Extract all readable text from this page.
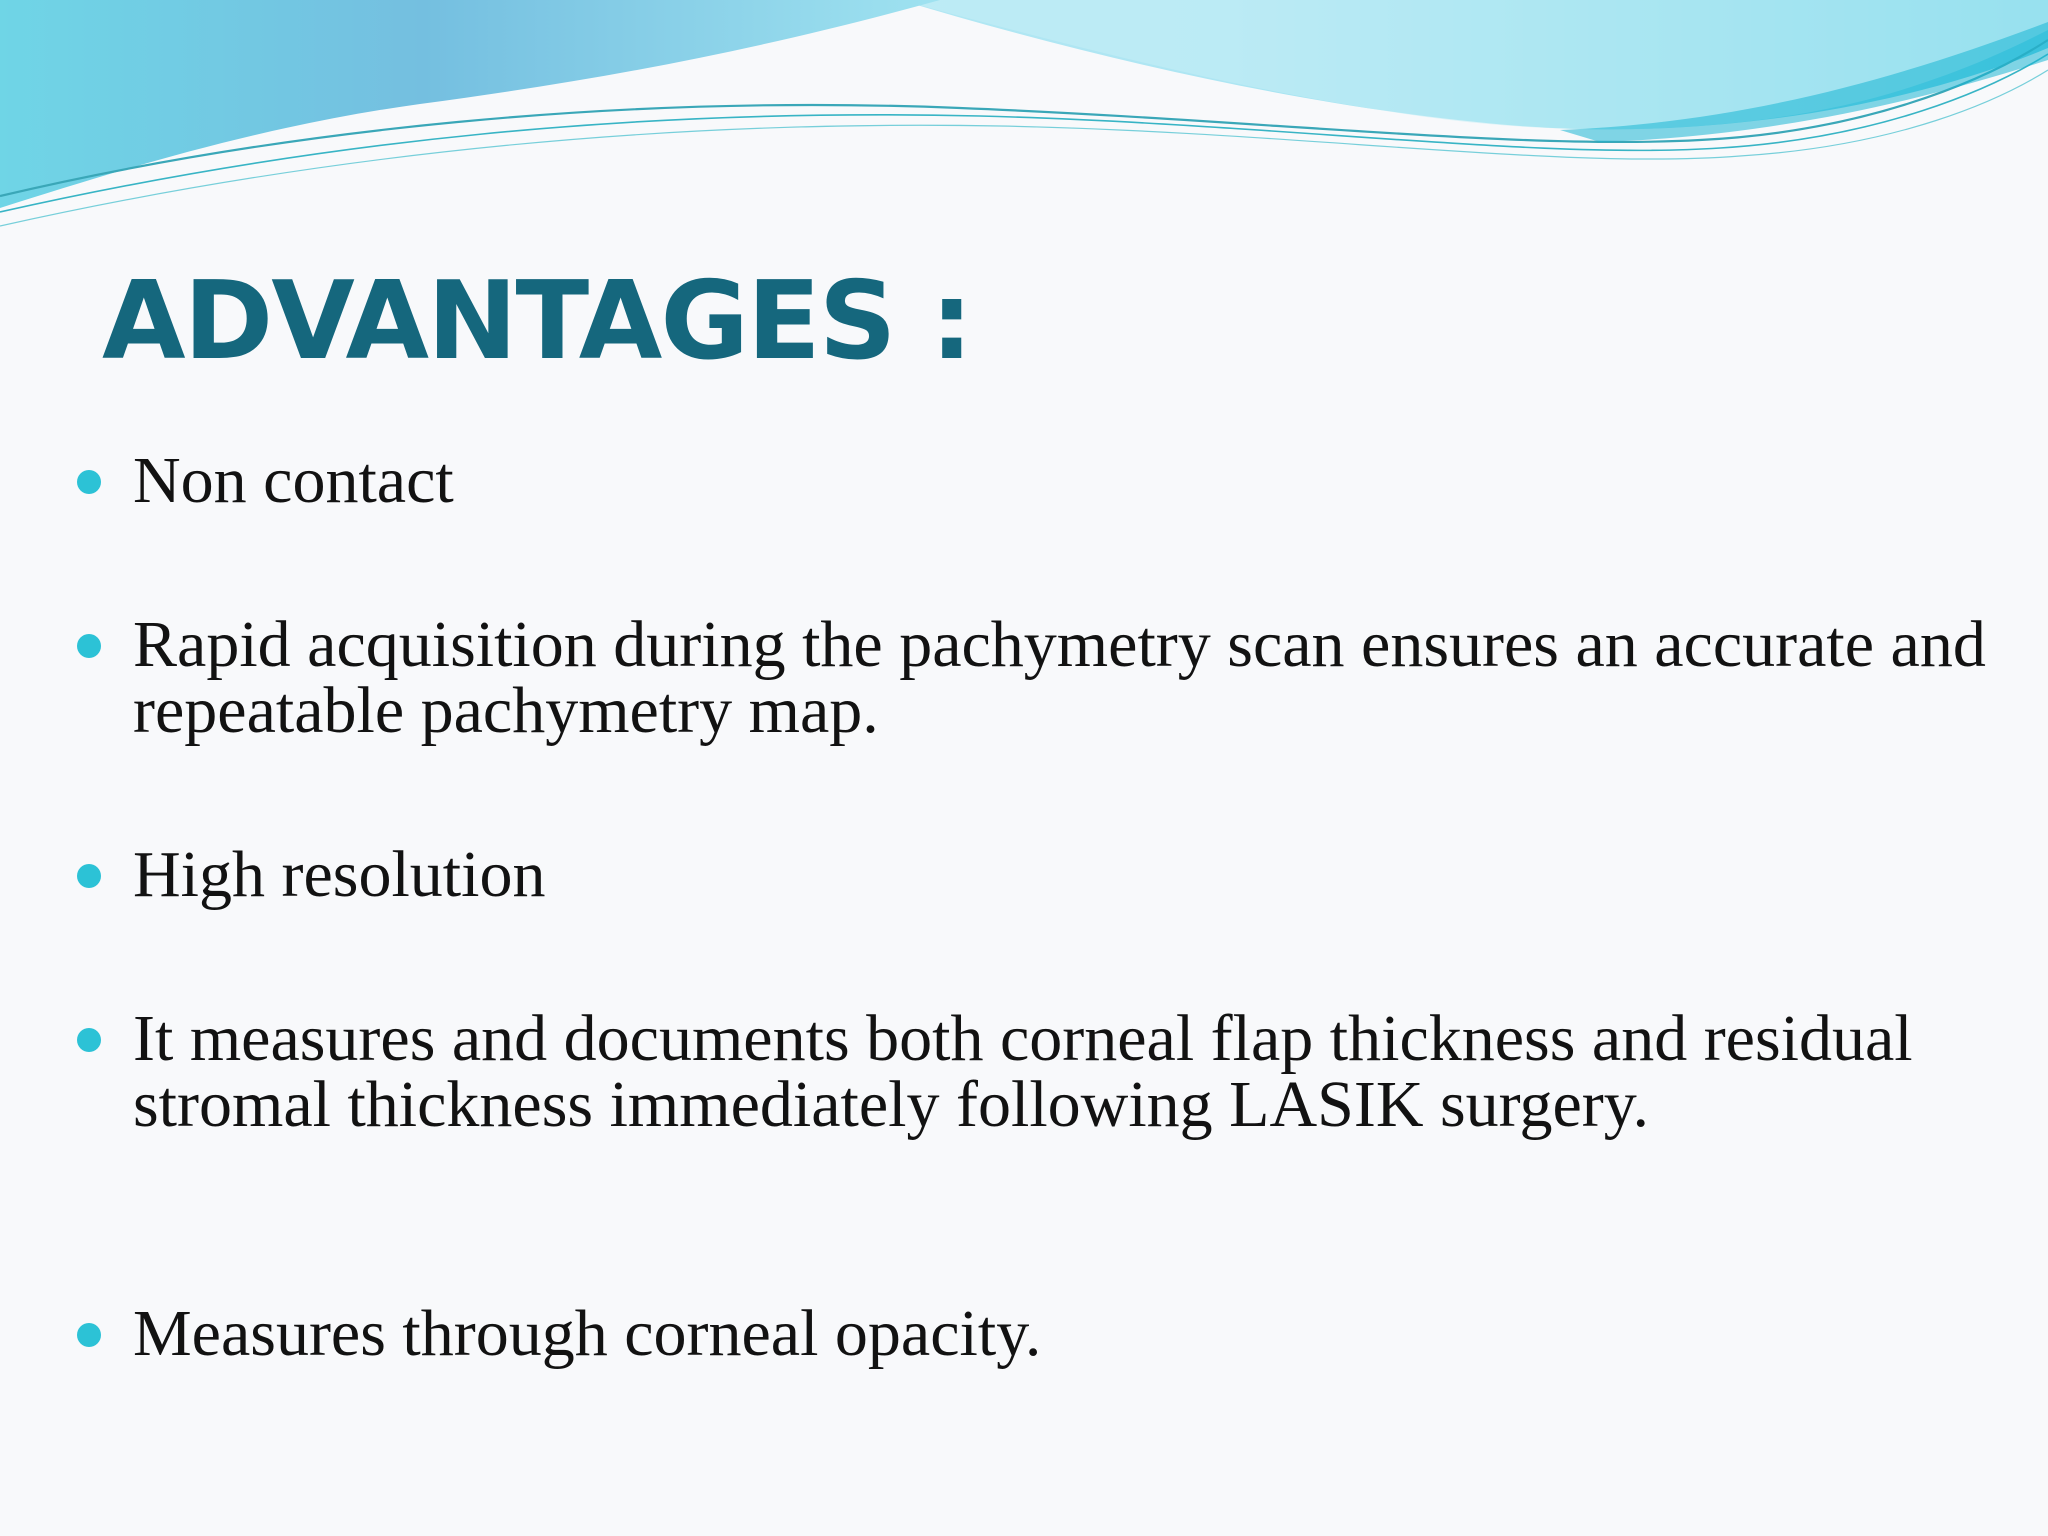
ADVANTAGES :
Non contact
Rapid acquisition during the pachymetry scan ensures an accurate and repeatable pachymetry map.
High resolution
It measures and documents both corneal flap thickness and residual stromal thickness immediately following LASIK surgery.
Measures through corneal opacity.
